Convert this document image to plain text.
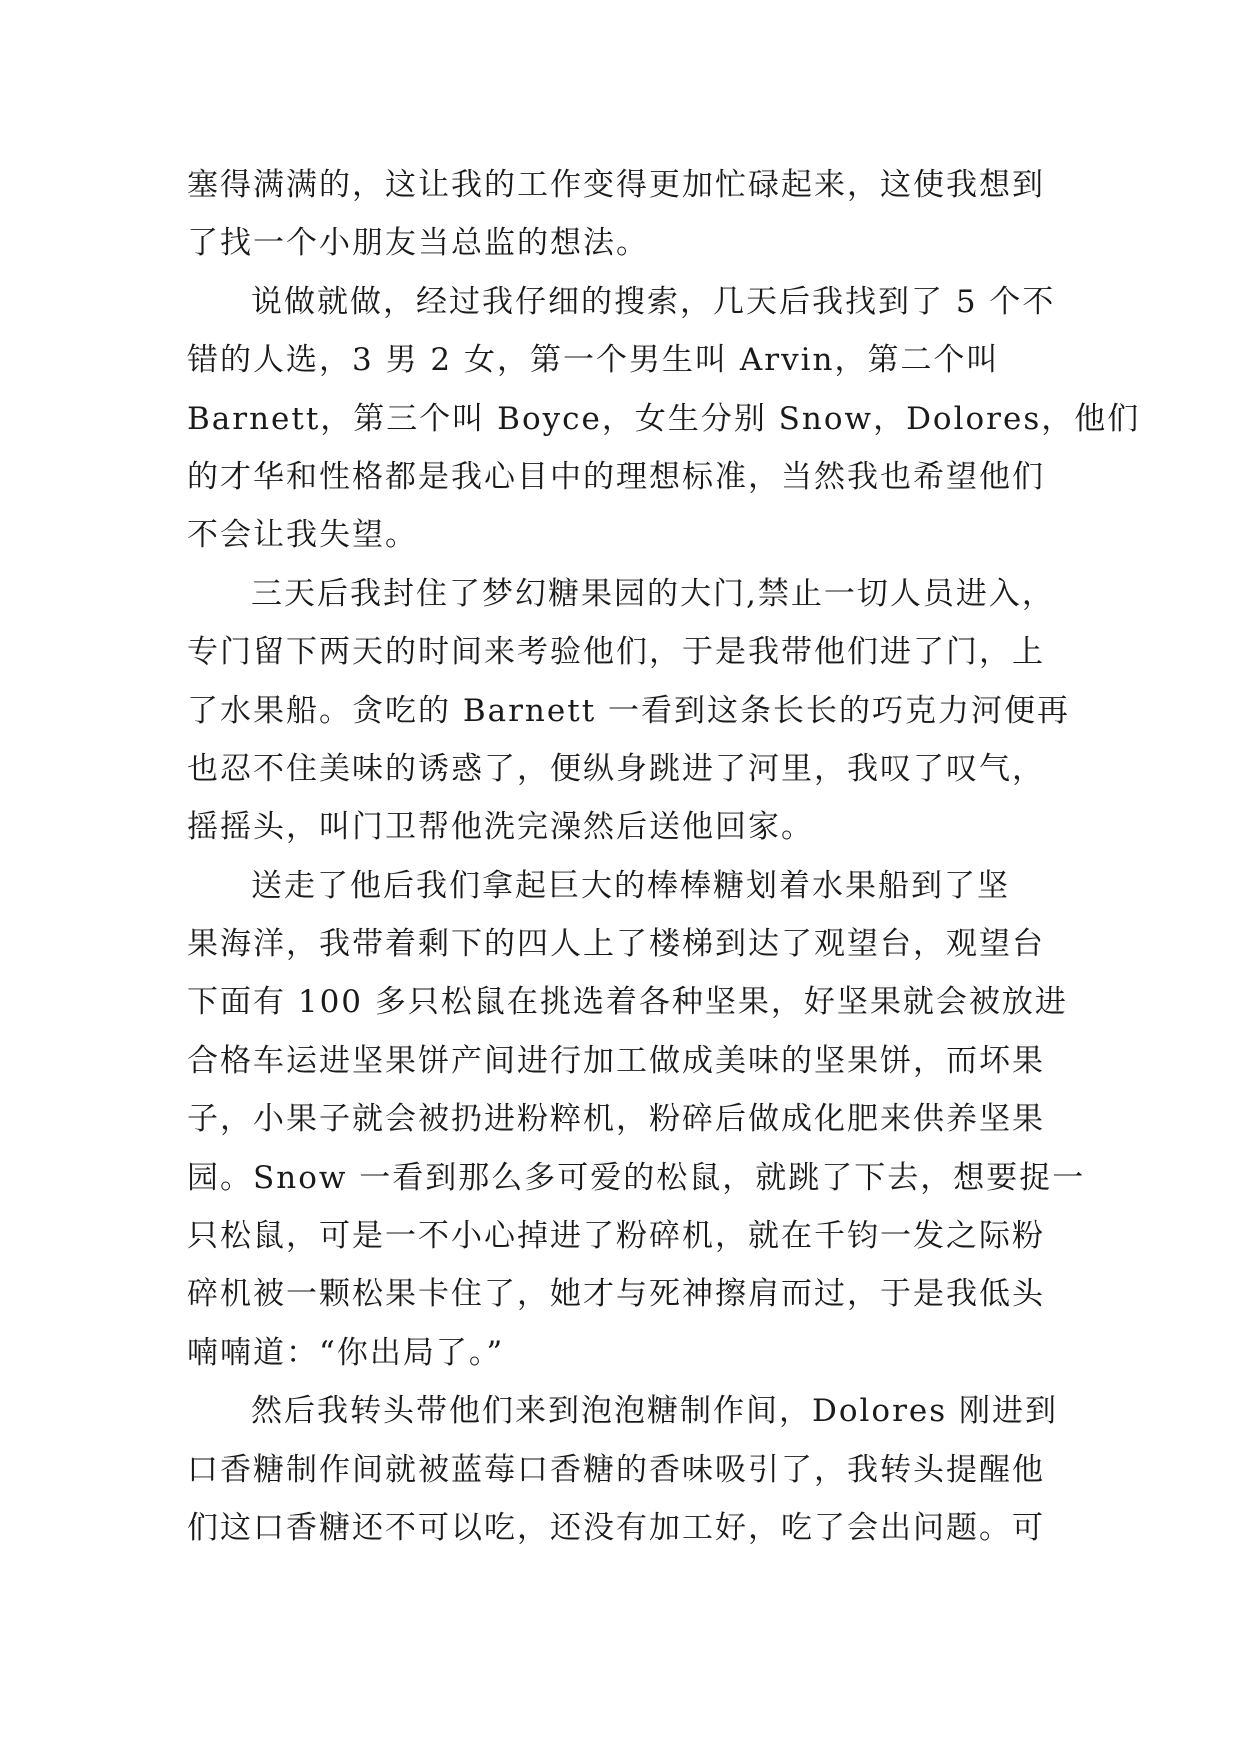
塞得满满的，这让我的工作变得更加忙碌起来，这使我想到
了找一个小朋友当总监的想法。
说做就做，经过我仔细的搜索，几天后我找到了 5 个不
错的人选，3 男 2 女，第一个男生叫 Arvin，第二个叫
Barnett，第三个叫 Boyce，女生分别 Snow，Dolores，他们
的才华和性格都是我心目中的理想标准，当然我也希望他们
不会让我失望。
三天后我封住了梦幻糖果园的大门,禁止一切人员进入，
专门留下两天的时间来考验他们，于是我带他们进了门，上
了水果船。贪吃的 Barnett 一看到这条长长的巧克力河便再
也忍不住美味的诱惑了，便纵身跳进了河里，我叹了叹气，
摇摇头，叫门卫帮他洗完澡然后送他回家。
送走了他后我们拿起巨大的棒棒糖划着水果船到了坚
果海洋，我带着剩下的四人上了楼梯到达了观望台，观望台
下面有 100 多只松鼠在挑选着各种坚果，好坚果就会被放进
合格车运进坚果饼产间进行加工做成美味的坚果饼，而坏果
子，小果子就会被扔进粉粹机，粉碎后做成化肥来供养坚果
园。Snow 一看到那么多可爱的松鼠，就跳了下去，想要捉一
只松鼠，可是一不小心掉进了粉碎机，就在千钧一发之际粉
碎机被一颗松果卡住了，她才与死神擦肩而过，于是我低头
喃喃道：“你出局了。”
然后我转头带他们来到泡泡糖制作间，Dolores 刚进到
口香糖制作间就被蓝莓口香糖的香味吸引了，我转头提醒他
们这口香糖还不可以吃，还没有加工好，吃了会出问题。可
